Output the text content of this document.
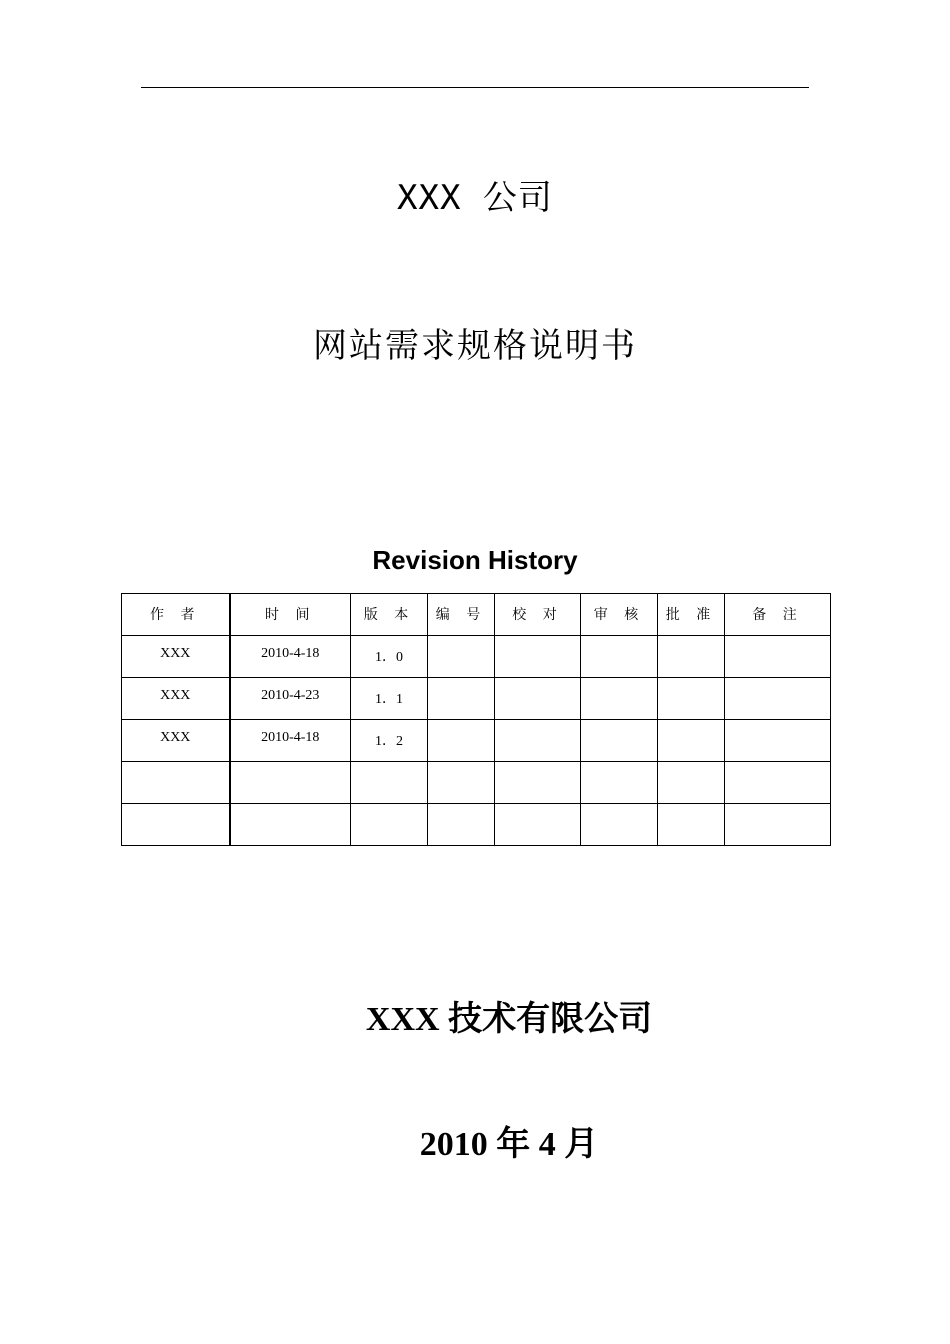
XXX 公司
网站需求规格说明书
Revision History
作 者	时 间	版 本	编 号	校 对	审 核	批 准	备 注
XXX	2010-4-18	1．0					
XXX	2010-4-23	1．1					
XXX	2010-4-18	1．2					

XXX 技术有限公司
2010 年 4 月
